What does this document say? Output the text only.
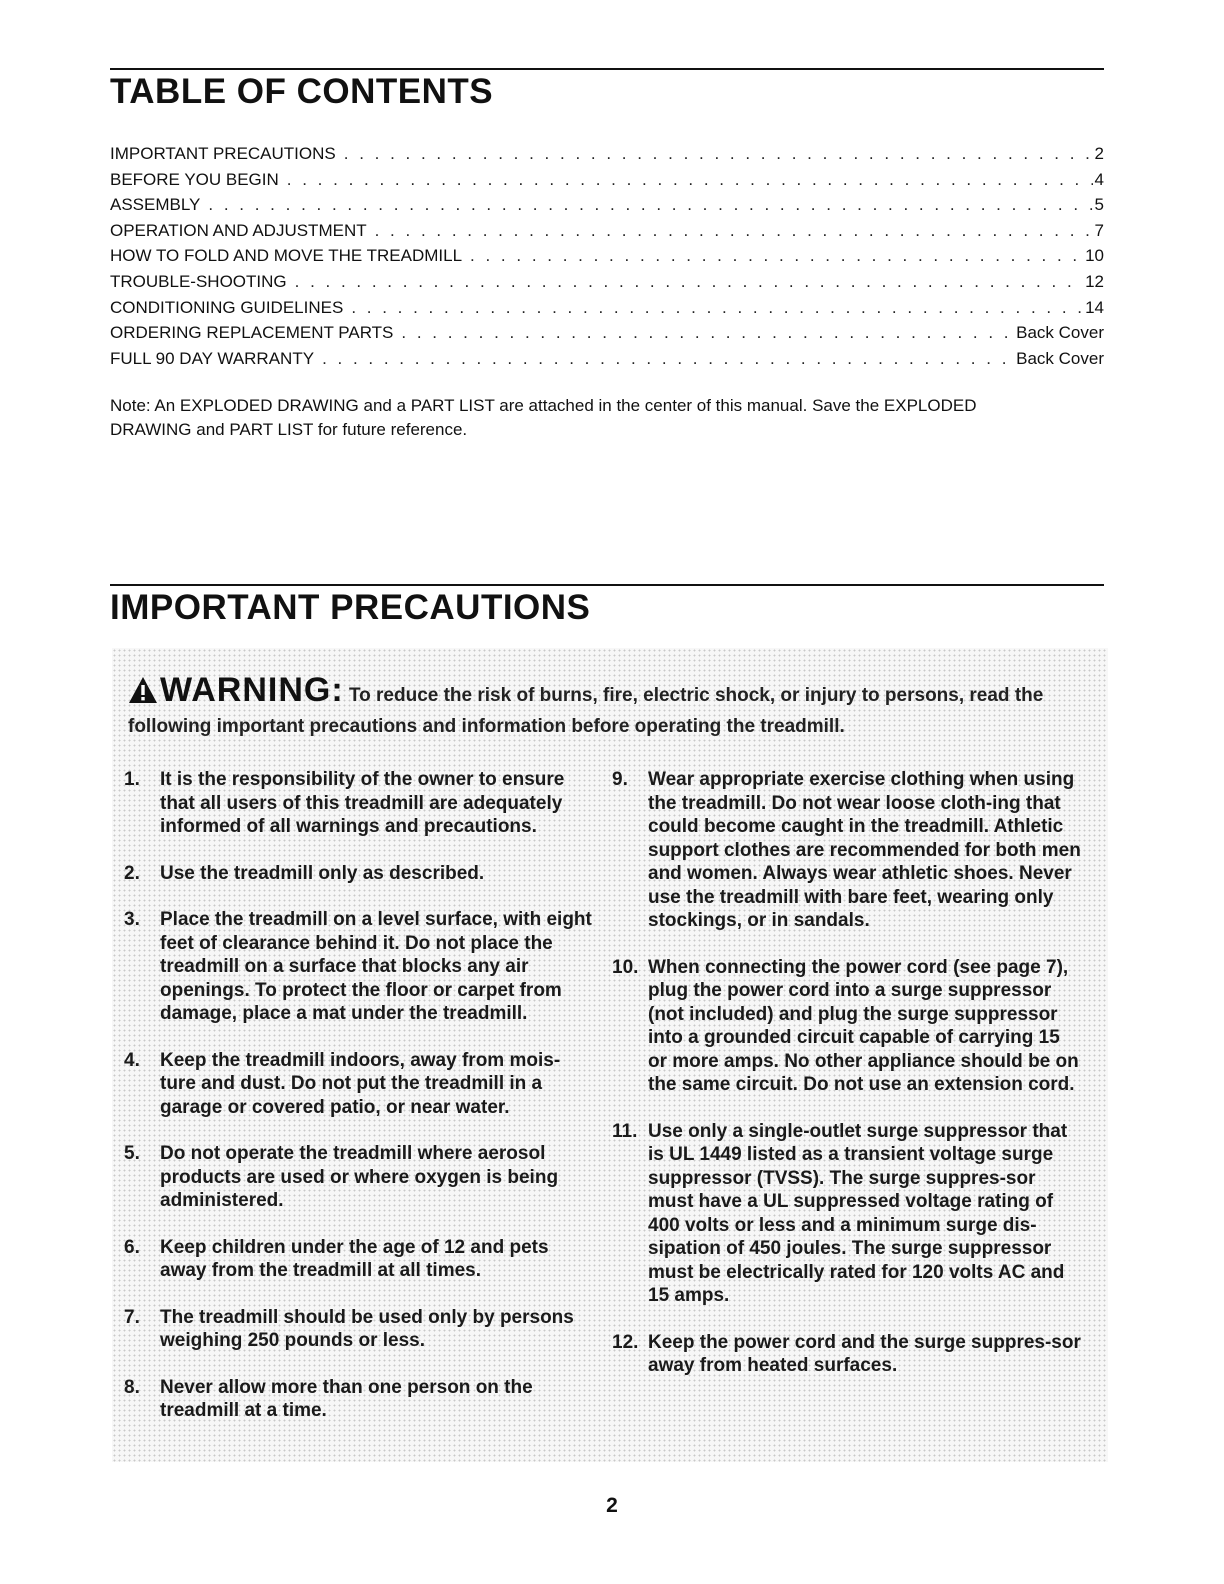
TABLE OF CONTENTS
IMPORTANT PRECAUTIONS . . .	2
BEFORE YOU BEGIN . . .	4
ASSEMBLY . . .	5
OPERATION AND ADJUSTMENT . . .	7
HOW TO FOLD AND MOVE THE TREADMILL . . .	10
TROUBLE-SHOOTING . . .	12
CONDITIONING GUIDELINES . . .	14
ORDERING REPLACEMENT PARTS . . .	Back Cover
FULL 90 DAY WARRANTY . . .	Back Cover

Note: An EXPLODED DRAWING and a PART LIST are attached in the center of this manual. Save the EXPLODED DRAWING and PART LIST for future reference.

IMPORTANT PRECAUTIONS

WARNING: To reduce the risk of burns, fire, electric shock, or injury to persons, read the following important precautions and information before operating the treadmill.

1.	It is the responsibility of the owner to ensure that all users of this treadmill are adequately informed of all warnings and precautions.
2.	Use the treadmill only as described.
3.	Place the treadmill on a level surface, with eight feet of clearance behind it. Do not place the treadmill on a surface that blocks any air openings. To protect the floor or carpet from damage, place a mat under the treadmill.
4.	Keep the treadmill indoors, away from mois-ture and dust. Do not put the treadmill in a garage or covered patio, or near water.
5.	Do not operate the treadmill where aerosol products are used or where oxygen is being administered.
6.	Keep children under the age of 12 and pets away from the treadmill at all times.
7.	The treadmill should be used only by persons weighing 250 pounds or less.
8.	Never allow more than one person on the treadmill at a time.
9.	Wear appropriate exercise clothing when using the treadmill. Do not wear loose cloth-ing that could become caught in the treadmill. Athletic support clothes are recommended for both men and women. Always wear athletic shoes. Never use the treadmill with bare feet, wearing only stockings, or in sandals.
10. When connecting the power cord (see page 7), plug the power cord into a surge suppressor (not included) and plug the surge suppressor into a grounded circuit capable of carrying 15 or more amps. No other appliance should be on the same circuit. Do not use an extension cord.
11. Use only a single-outlet surge suppressor that is UL 1449 listed as a transient voltage surge suppressor (TVSS). The surge suppres-sor must have a UL suppressed voltage rating of 400 volts or less and a minimum surge dis-sipation of 450 joules. The surge suppressor must be electrically rated for 120 volts AC and 15 amps.
12. Keep the power cord and the surge suppres-sor away from heated surfaces.

2
